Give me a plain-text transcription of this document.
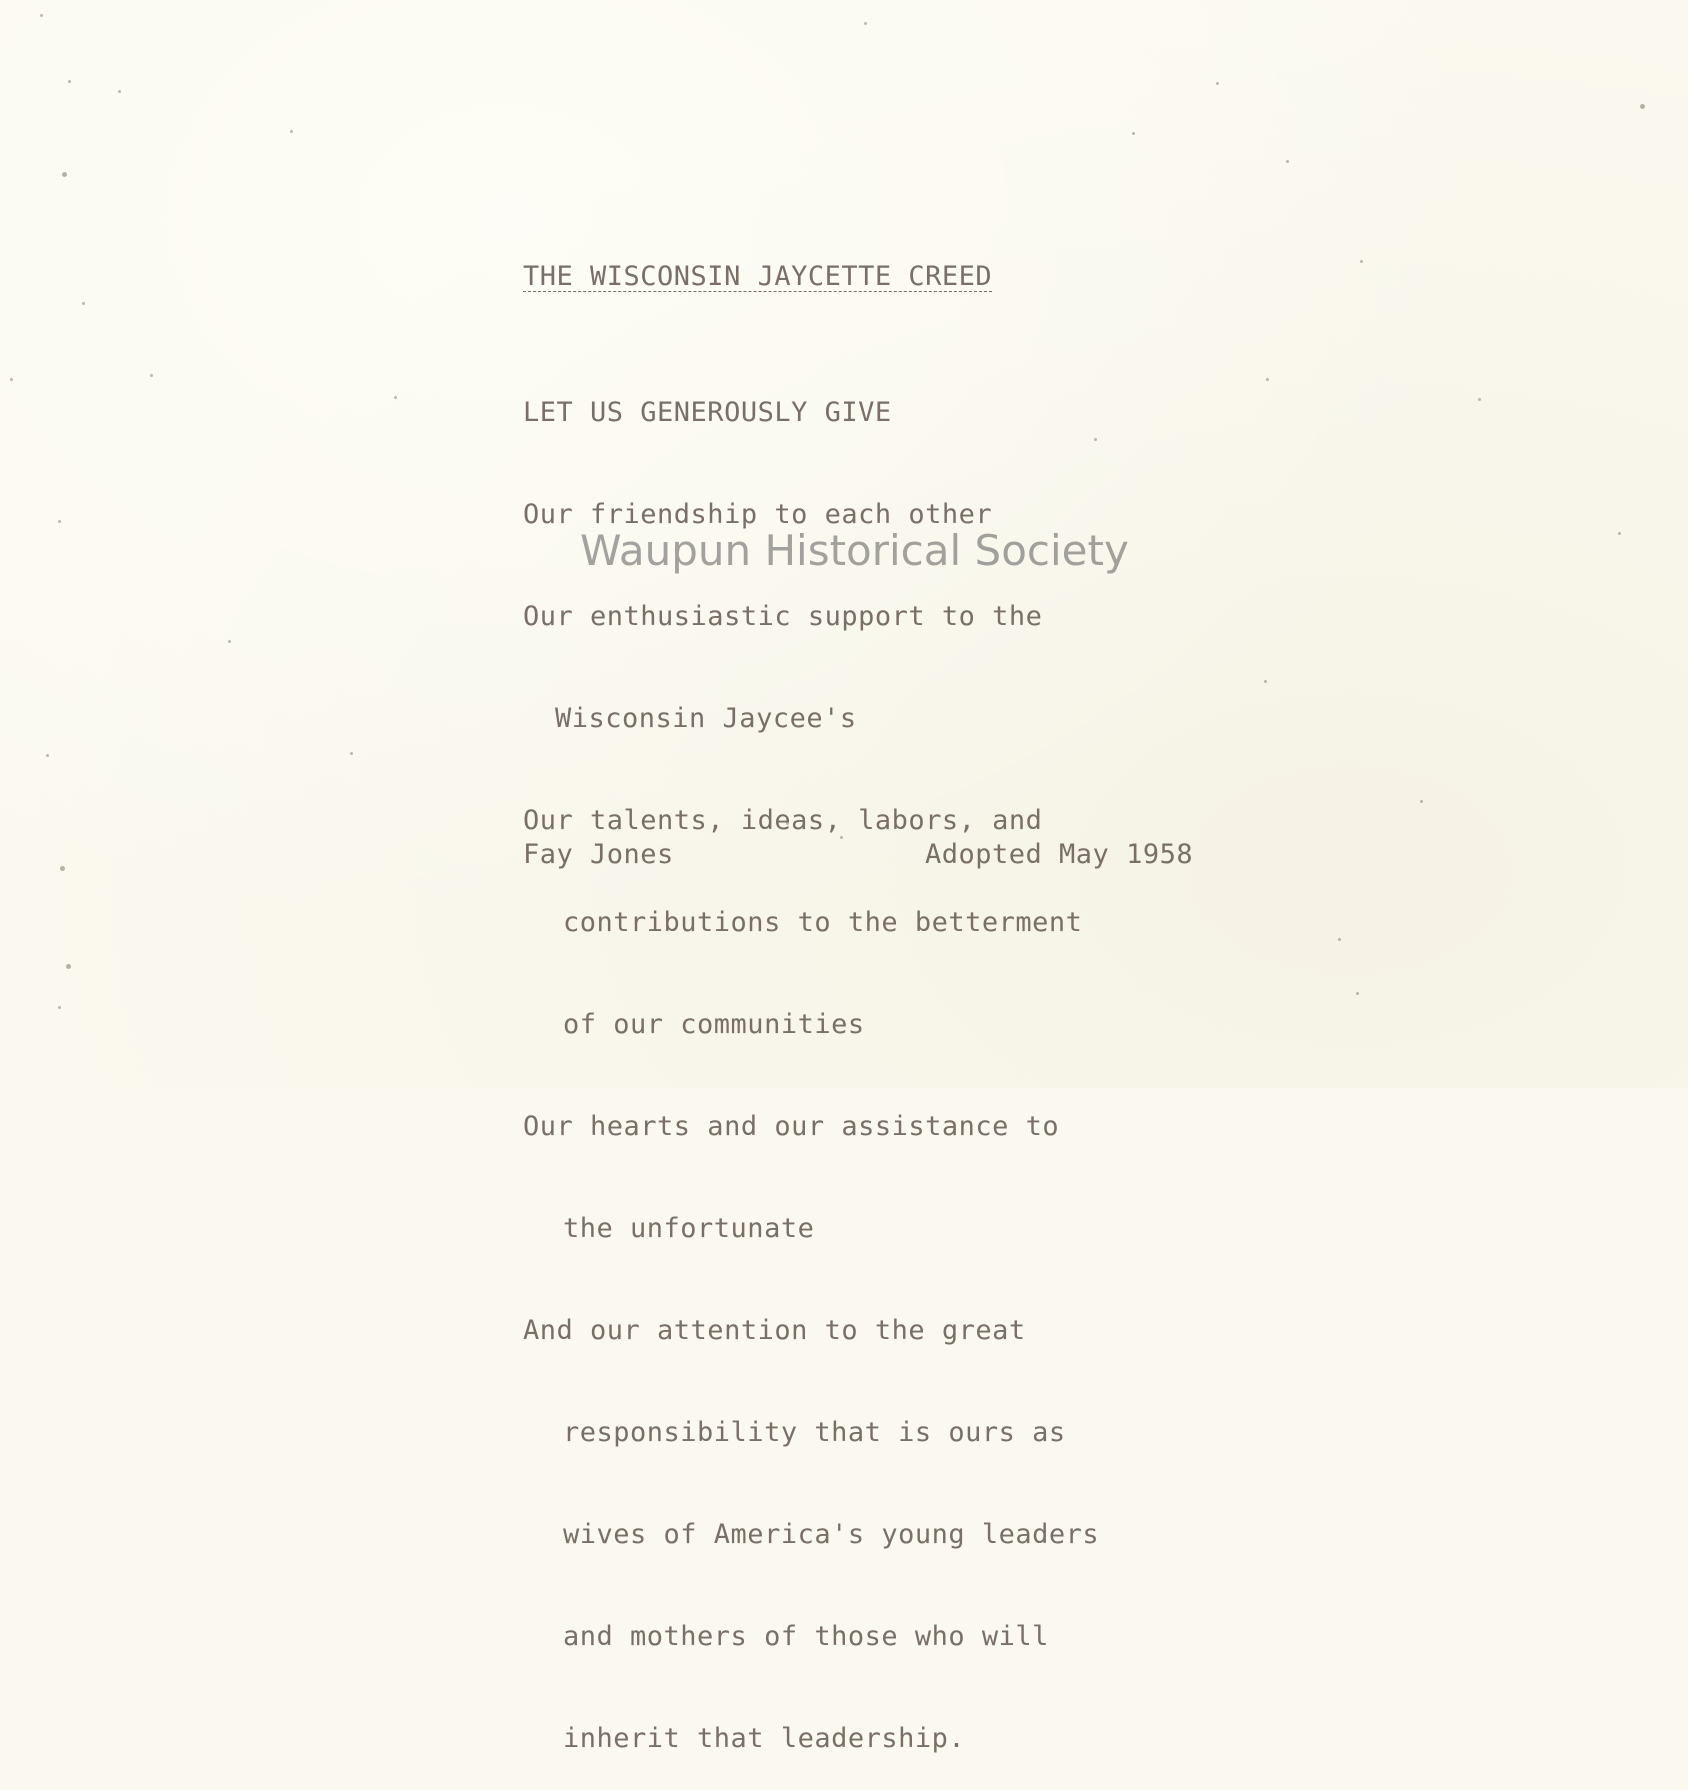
THE WISCONSIN JAYCETTE CREED

LET US GENEROUSLY GIVE

Our friendship to each other

Our enthusiastic support to the

Wisconsin Jaycee's

Our talents, ideas, labors, and

contributions to the betterment

of our communities

Our hearts and our assistance to

the unfortunate

And our attention to the great

responsibility that is ours as

wives of America's young leaders

and mothers of those who will

inherit that leadership.

Fay Jones	Adopted May 1958
Waupun Historical Society
